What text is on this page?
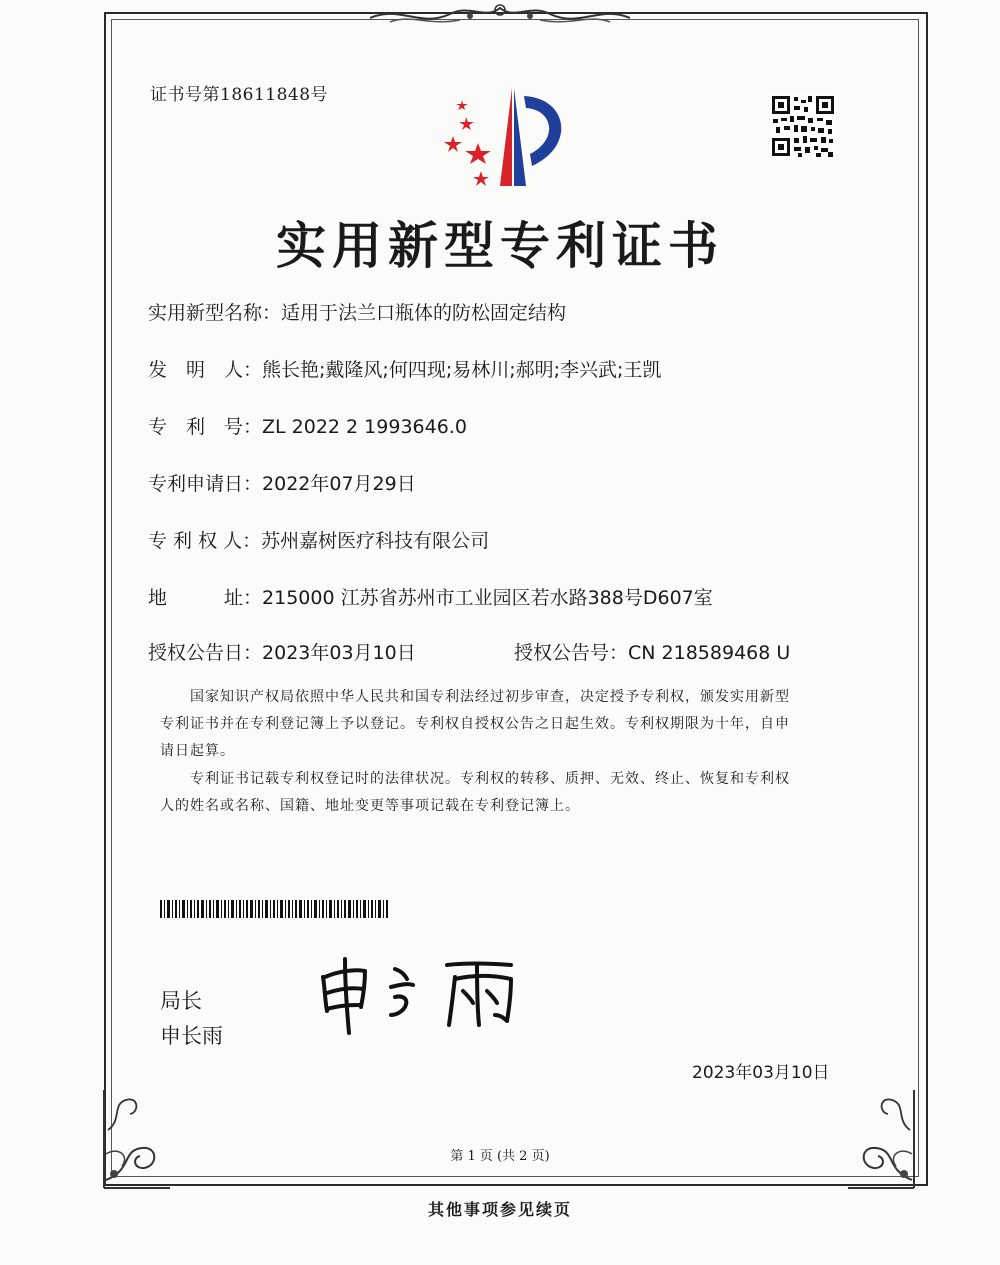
证书号第18611848号
实用新型专利证书
实用新型名称：适用于法兰口瓶体的防松固定结构
发　明　人：熊长艳;戴隆风;何四现;易林川;郝明;李兴武;王凯
专　利　号：ZL 2022 2 1993646.0
专利申请日：2022年07月29日
专 利 权 人：苏州嘉树医疗科技有限公司
地　　　址：215000 江苏省苏州市工业园区若水路388号D607室
授权公告日：2023年03月10日	授权公告号：CN 218589468 U
　　国家知识产权局依照中华人民共和国专利法经过初步审查，决定授予专利权，颁发实用新型
专利证书并在专利登记簿上予以登记。专利权自授权公告之日起生效。专利权期限为十年，自申
请日起算。
　　专利证书记载专利权登记时的法律状况。专利权的转移、质押、无效、终止、恢复和专利权
人的姓名或名称、国籍、地址变更等事项记载在专利登记簿上。
局长
申长雨
2023年03月10日
第 1 页 (共 2 页)
其他事项参见续页
